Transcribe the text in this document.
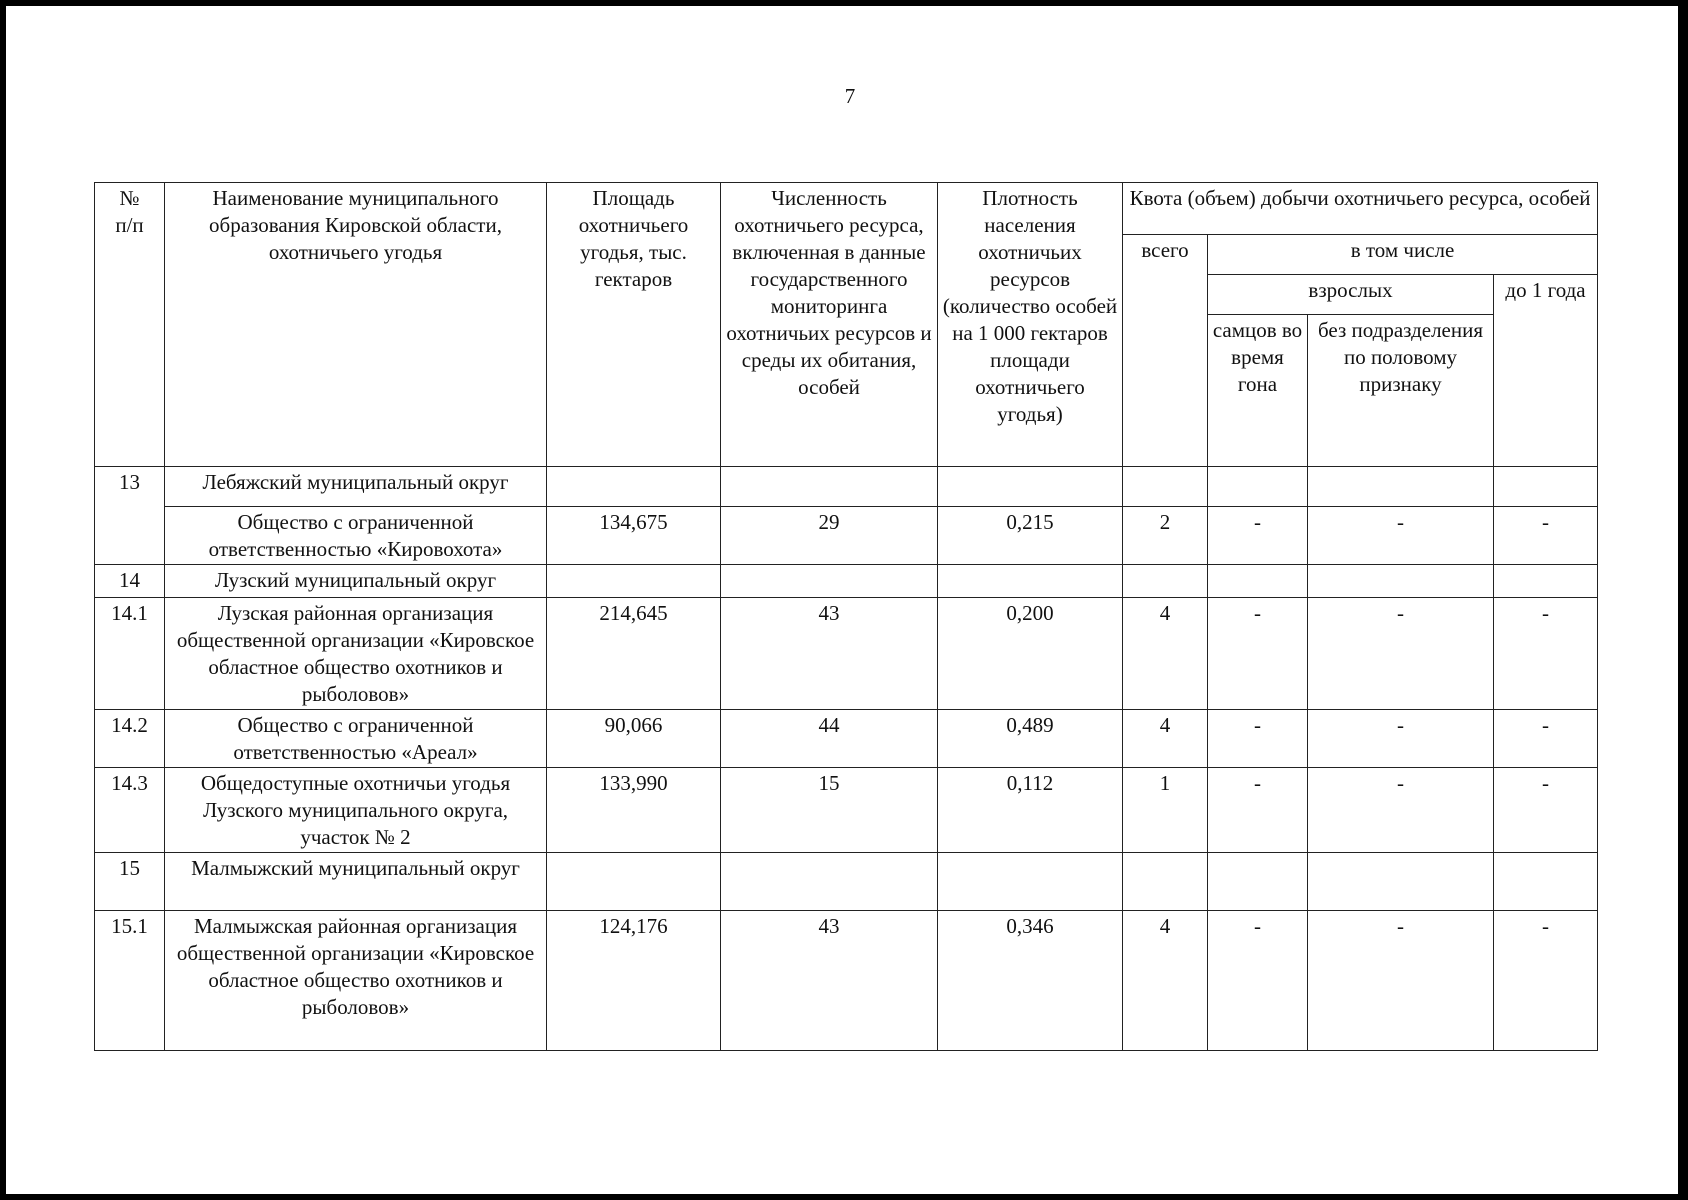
7
№
п/п	Наименование муниципального образования Кировской области, охотничьего угодья	Площадь охотничьего угодья, тыс. гектаров	Численность охотничьего ресурса, включенная в данные государственного мониторинга охотничьих ресурсов и среды их обитания, особей	Плотность населения охотничьих ресурсов (количество особей на 1 000 гектаров площади охотничьего угодья)	Квота (объем) добычи охотничьего ресурса, особей			
					всего	в том числе		
						взрослых		до 1 года
						самцов во время гона	без подразделения по половому признаку	
13	Лебяжский муниципальный округ							
	Общество с ограниченной ответственностью «Кировохота»	134,675	29	0,215	2	-	-	-
14	Лузский муниципальный округ							
14.1	Лузская районная организация общественной организации «Кировское областное общество охотников и рыболовов»	214,645	43	0,200	4	-	-	-
14.2	Общество с ограниченной ответственностью «Ареал»	90,066	44	0,489	4	-	-	-
14.3	Общедоступные охотничьи угодья Лузского муниципального округа, участок № 2	133,990	15	0,112	1	-	-	-
15	Малмыжский муниципальный округ							
15.1	Малмыжская районная организация общественной организации «Кировское областное общество охотников и рыболовов»	124,176	43	0,346	4	-	-	-
